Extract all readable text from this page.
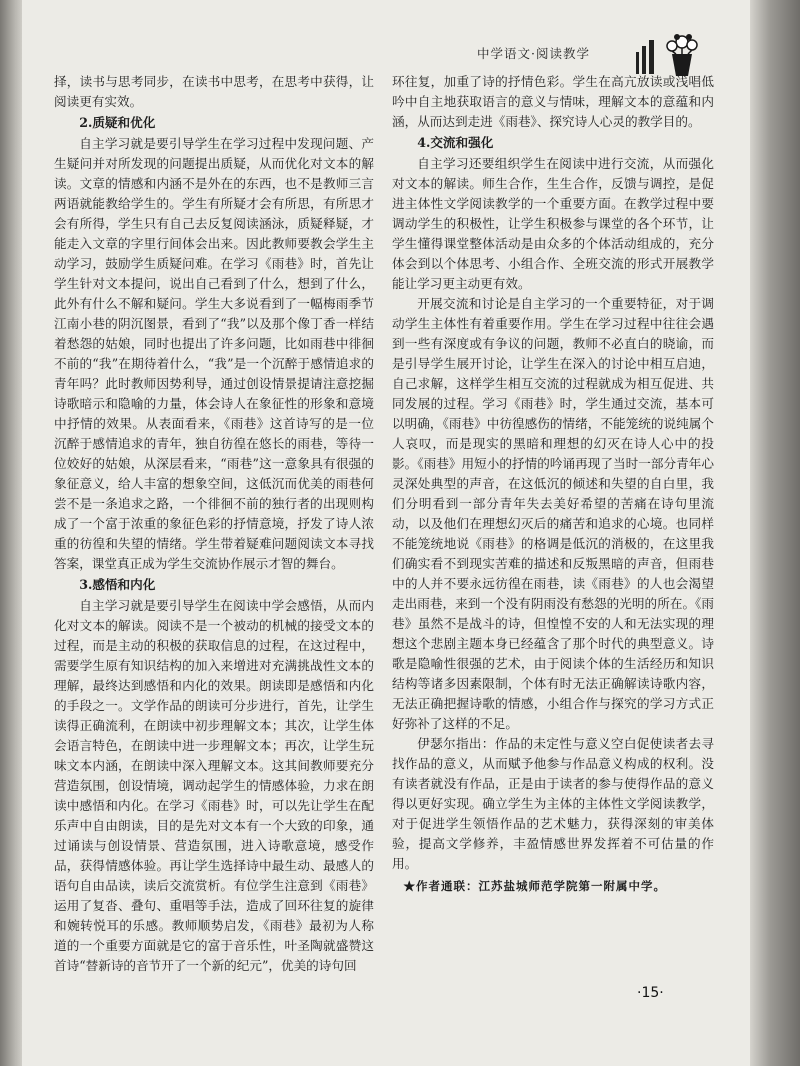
中学语文·阅读教学

择，读书与思考同步，在读书中思考，在思考中获得，让阅读更有实效。

2.质疑和优化

自主学习就是要引导学生在学习过程中发现问题、产生疑问并对所发现的问题提出质疑，从而优化对文本的解读。文章的情感和内涵不是外在的东西，也不是教师三言两语就能教给学生的。学生有所疑才会有所思，有所思才会有所得，学生只有自己去反复阅读涵泳，质疑释疑，才能走入文章的字里行间体会出来。因此教师要教会学生主动学习，鼓励学生质疑问难。在学习《雨巷》时，首先让学生针对文本提问，说出自己看到了什么，想到了什么，此外有什么不解和疑问。学生大多说看到了一幅梅雨季节江南小巷的阴沉图景，看到了“我”以及那个像丁香一样结着愁怨的姑娘，同时也提出了许多问题，比如雨巷中徘徊不前的“我”在期待着什么，“我”是一个沉醉于感情追求的青年吗？此时教师因势利导，通过创设情景提请注意挖掘诗歌暗示和隐喻的力量，体会诗人在象征性的形象和意境中抒情的效果。从表面看来，《雨巷》这首诗写的是一位沉醉于感情追求的青年，独自彷徨在悠长的雨巷，等待一位姣好的姑娘，从深层看来，“雨巷”这一意象具有很强的象征意义，给人丰富的想象空间，这低沉而优美的雨巷何尝不是一条追求之路，一个徘徊不前的独行者的出现则构成了一个富于浓重的象征色彩的抒情意境，抒发了诗人浓重的彷徨和失望的情绪。学生带着疑难问题阅读文本寻找答案，课堂真正成为学生交流协作展示才智的舞台。

3.感悟和内化

自主学习就是要引导学生在阅读中学会感悟，从而内化对文本的解读。阅读不是一个被动的机械的接受文本的过程，而是主动的积极的获取信息的过程，在这过程中，需要学生原有知识结构的加入来增进对充满挑战性文本的理解，最终达到感悟和内化的效果。朗读即是感悟和内化的手段之一。文学作品的朗读可分步进行，首先，让学生读得正确流利，在朗读中初步理解文本；其次，让学生体会语言特色，在朗读中进一步理解文本；再次，让学生玩味文本内涵，在朗读中深入理解文本。这其间教师要充分营造氛围，创设情境，调动起学生的情感体验，力求在朗读中感悟和内化。在学习《雨巷》时，可以先让学生在配乐声中自由朗读，目的是先对文本有一个大致的印象，通过诵读与创设情景、营造氛围，进入诗歌意境，感受作品，获得情感体验。再让学生选择诗中最生动、最感人的语句自由品读，读后交流赏析。有位学生注意到《雨巷》运用了复沓、叠句、重唱等手法，造成了回环往复的旋律和婉转悦耳的乐感。教师顺势启发，《雨巷》最初为人称道的一个重要方面就是它的富于音乐性，叶圣陶就盛赞这首诗“替新诗的音节开了一个新的纪元”，优美的诗句回

环往复，加重了诗的抒情色彩。学生在高亢放读或浅唱低吟中自主地获取语言的意义与情味，理解文本的意蕴和内涵，从而达到走进《雨巷》、探究诗人心灵的教学目的。

4.交流和强化

自主学习还要组织学生在阅读中进行交流，从而强化对文本的解读。师生合作，生生合作，反馈与调控，是促进主体性文学阅读教学的一个重要方面。在教学过程中要调动学生的积极性，让学生积极参与课堂的各个环节，让学生懂得课堂整体活动是由众多的个体活动组成的，充分体会到以个体思考、小组合作、全班交流的形式开展教学能让学习更主动更有效。

开展交流和讨论是自主学习的一个重要特征，对于调动学生主体性有着重要作用。学生在学习过程中往往会遇到一些有深度或有争议的问题，教师不必直白的晓谕，而是引导学生展开讨论，让学生在深入的讨论中相互启迪，自己求解，这样学生相互交流的过程就成为相互促进、共同发展的过程。学习《雨巷》时，学生通过交流，基本可以明确，《雨巷》中彷徨感伤的情绪，不能笼统的说纯属个人哀叹，而是现实的黑暗和理想的幻灭在诗人心中的投影。《雨巷》用短小的抒情的吟诵再现了当时一部分青年心灵深处典型的声音，在这低沉的倾述和失望的自白里，我们分明看到一部分青年失去美好希望的苦痛在诗句里流动，以及他们在理想幻灭后的痛苦和追求的心境。也同样不能笼统地说《雨巷》的格调是低沉的消极的，在这里我们确实看不到现实苦难的描述和反叛黑暗的声音，但雨巷中的人并不要永远彷徨在雨巷，读《雨巷》的人也会渴望走出雨巷，来到一个没有阴雨没有愁怨的光明的所在。《雨巷》虽然不是战斗的诗，但惶惶不安的人和无法实现的理想这个悲剧主题本身已经蕴含了那个时代的典型意义。诗歌是隐喻性很强的艺术，由于阅读个体的生活经历和知识结构等诸多因素限制，个体有时无法正确解读诗歌内容，无法正确把握诗歌的情感，小组合作与探究的学习方式正好弥补了这样的不足。

伊瑟尔指出：作品的未定性与意义空白促使读者去寻找作品的意义，从而赋予他参与作品意义构成的权利。没有读者就没有作品，正是由于读者的参与使得作品的意义得以更好实现。确立学生为主体的主体性文学阅读教学，对于促进学生领悟作品的艺术魅力，获得深刻的审美体验，提高文学修养，丰盈情感世界发挥着不可估量的作用。

★作者通联：江苏盐城师范学院第一附属中学。
·15·
